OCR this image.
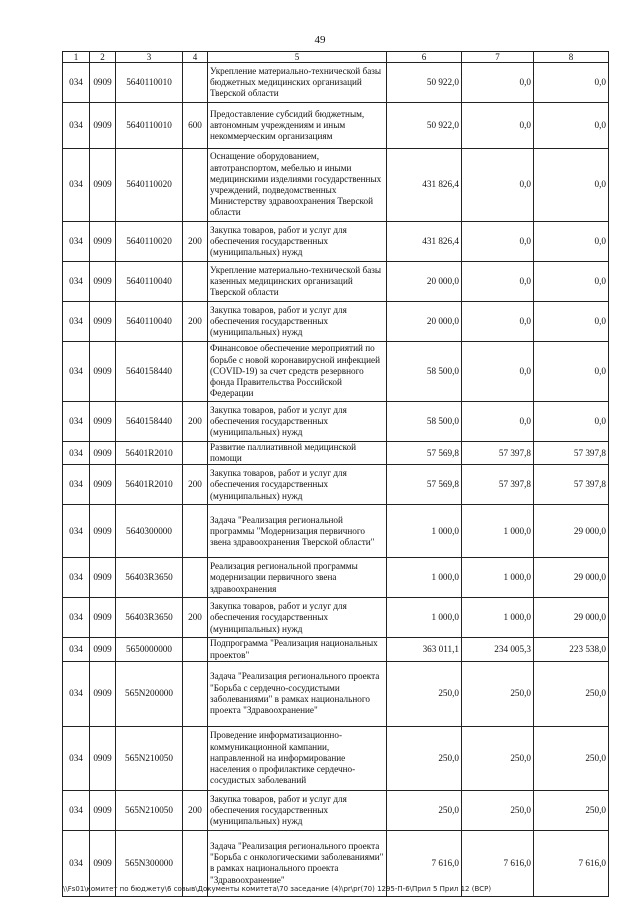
49
1	2	3	4	5	6	7	8
034	0909	5640110010		Укрепление материально-технической базы бюджетных медицинских организаций Тверской области	50 922,0	0,0	0,0
034	0909	5640110010	600	Предоставление субсидий бюджетным, автономным учреждениям и иным некоммерческим организациям	50 922,0	0,0	0,0
034	0909	5640110020		Оснащение оборудованием, автотранспортом, мебелью и иными медицинскими изделиями государственных учреждений, подведомственных Министерству здравоохранения Тверской области	431 826,4	0,0	0,0
034	0909	5640110020	200	Закупка товаров, работ и услуг для обеспечения государственных (муниципальных) нужд	431 826,4	0,0	0,0
034	0909	5640110040		Укрепление материально-технической базы казенных медицинских организаций Тверской области	20 000,0	0,0	0,0
034	0909	5640110040	200	Закупка товаров, работ и услуг для обеспечения государственных (муниципальных) нужд	20 000,0	0,0	0,0
034	0909	5640158440		Финансовое обеспечение мероприятий по борьбе с новой коронавирусной инфекцией (COVID-19) за счет средств резервного фонда Правительства Российской Федерации	58 500,0	0,0	0,0
034	0909	5640158440	200	Закупка товаров, работ и услуг для обеспечения государственных (муниципальных) нужд	58 500,0	0,0	0,0
034	0909	56401R2010		Развитие паллиативной медицинской помощи	57 569,8	57 397,8	57 397,8
034	0909	56401R2010	200	Закупка товаров, работ и услуг для обеспечения государственных (муниципальных) нужд	57 569,8	57 397,8	57 397,8
034	0909	5640300000		Задача "Реализация региональной программы "Модернизация первичного звена здравоохранения Тверской области"	1 000,0	1 000,0	29 000,0
034	0909	56403R3650		Реализация региональной программы модернизации первичного звена здравоохранения	1 000,0	1 000,0	29 000,0
034	0909	56403R3650	200	Закупка товаров, работ и услуг для обеспечения государственных (муниципальных) нужд	1 000,0	1 000,0	29 000,0
034	0909	5650000000		Подпрограмма "Реализация национальных проектов"	363 011,1	234 005,3	223 538,0
034	0909	565N200000		Задача "Реализация регионального проекта "Борьба с сердечно-сосудистыми заболеваниями" в рамках национального проекта "Здравоохранение"	250,0	250,0	250,0
034	0909	565N210050		Проведение информатизационно-коммуникационной кампании, направленной на информирование населения о профилактике сердечно-сосудистых заболеваний	250,0	250,0	250,0
034	0909	565N210050	200	Закупка товаров, работ и услуг для обеспечения государственных (муниципальных) нужд	250,0	250,0	250,0
034	0909	565N300000		Задача "Реализация регионального проекта "Борьба с онкологическими заболеваниями" в рамках национального проекта "Здравоохранение"	7 616,0	7 616,0	7 616,0
\\Fs01\комитет по бюджету\6 созыв\Документы комитета\70 заседание (4)\pr\pr(70) 1295-П-6\Прил 5 Прил 12 (ВСР)
